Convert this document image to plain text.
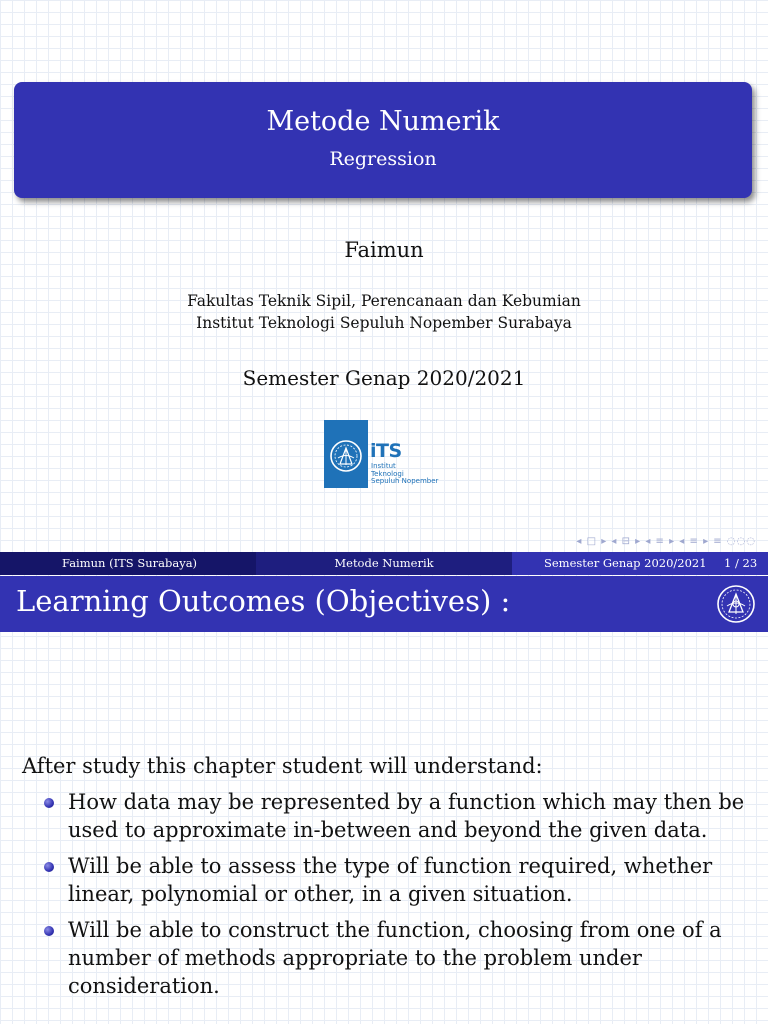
Metode Numerik
Regression
Faimun
Fakultas Teknik Sipil, Perencanaan dan Kebumian
Institut Teknologi Sepuluh Nopember Surabaya
Semester Genap 2020/2021
iTS
Institut
Teknologi
Sepuluh Nopember
◂ □ ▸ ◂ ⊟ ▸ ◂ ≡ ▸ ◂ ≡ ▸ ≡ ◌◌◌
Faimun (ITS Surabaya)	Metode Numerik	Semester Genap 2020/2021 1 / 23
Learning Outcomes (Objectives) :
After study this chapter student will understand:
How data may be represented by a function which may then be used to approximate in-between and beyond the given data.
Will be able to assess the type of function required, whether linear, polynomial or other, in a given situation.
Will be able to construct the function, choosing from one of a number of methods appropriate to the problem under consideration.
